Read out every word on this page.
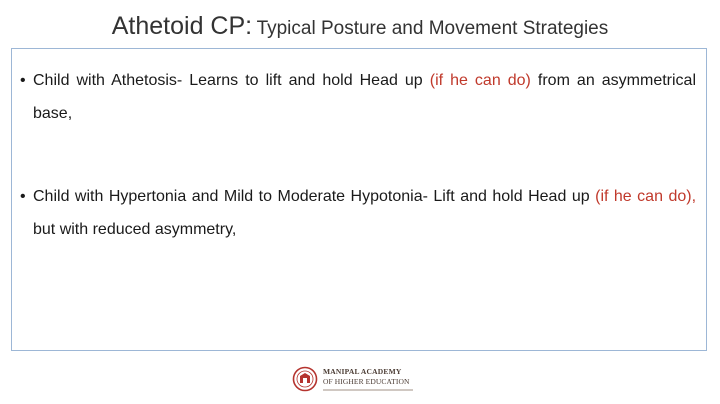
Athetoid CP: Typical Posture and Movement Strategies

• Child with Athetosis- Learns to lift and hold Head up (if he can do) from an asymmetrical base,

• Child with Hypertonia and Mild to Moderate Hypotonia- Lift and hold Head up (if he can do), but with reduced asymmetry,

MANIPAL ACADEMY
OF HIGHER EDUCATION
